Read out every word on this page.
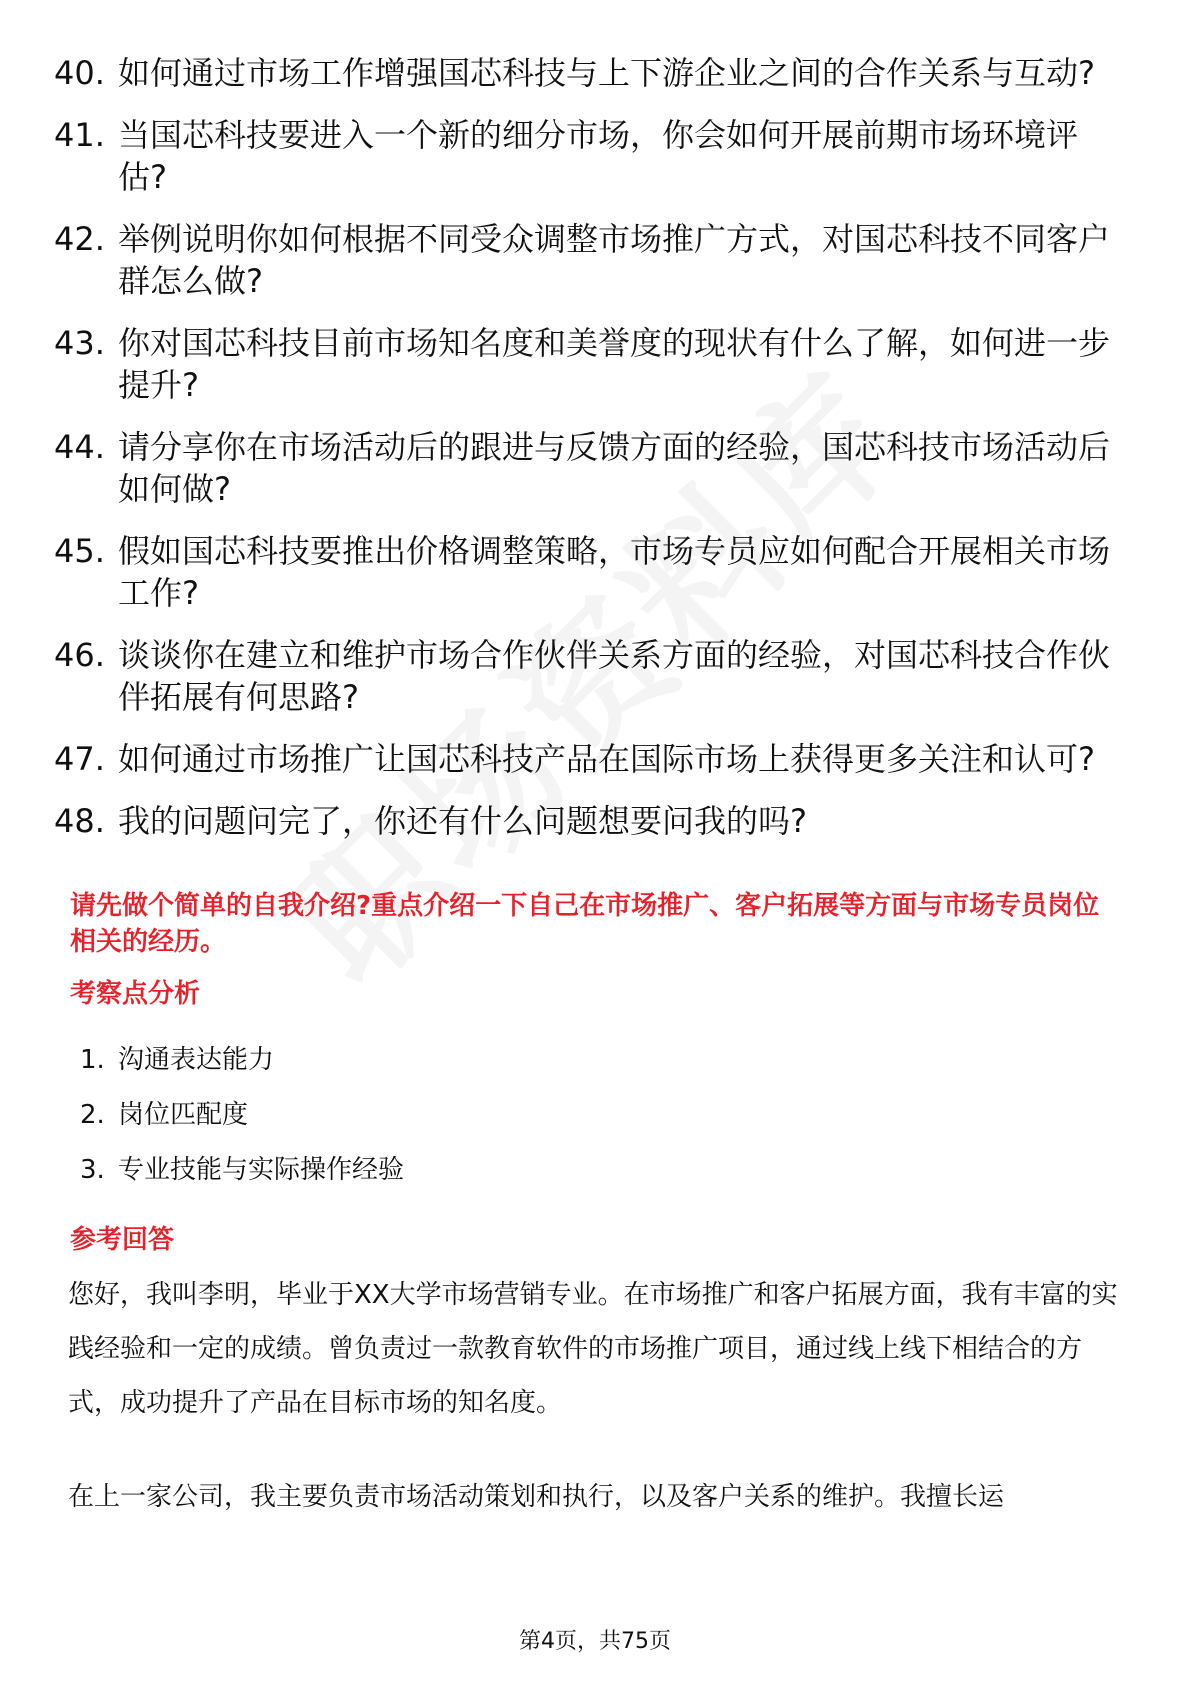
40. 如何通过市场工作增强国芯科技与上下游企业之间的合作关系与互动?
41. 当国芯科技要进入一个新的细分市场，你会如何开展前期市场环境评估?
42. 举例说明你如何根据不同受众调整市场推广方式，对国芯科技不同客户群怎么做?
43. 你对国芯科技目前市场知名度和美誉度的现状有什么了解，如何进一步提升?
44. 请分享你在市场活动后的跟进与反馈方面的经验，国芯科技市场活动后如何做?
45. 假如国芯科技要推出价格调整策略，市场专员应如何配合开展相关市场工作?
46. 谈谈你在建立和维护市场合作伙伴关系方面的经验，对国芯科技合作伙伴拓展有何思路?
47. 如何通过市场推广让国芯科技产品在国际市场上获得更多关注和认可?
48. 我的问题问完了，你还有什么问题想要问我的吗?
请先做个简单的自我介绍?重点介绍一下自己在市场推广、客户拓展等方面与市场专员岗位相关的经历。
考察点分析
1. 沟通表达能力
2. 岗位匹配度
3. 专业技能与实际操作经验
参考回答

您好，我叫李明，毕业于XX大学市场营销专业。在市场推广和客户拓展方面，我有丰富的实践经验和一定的成绩。曾负责过一款教育软件的市场推广项目，通过线上线下相结合的方式，成功提升了产品在目标市场的知名度。

在上一家公司，我主要负责市场活动策划和执行，以及客户关系的维护。我擅长运

第4页，共75页
